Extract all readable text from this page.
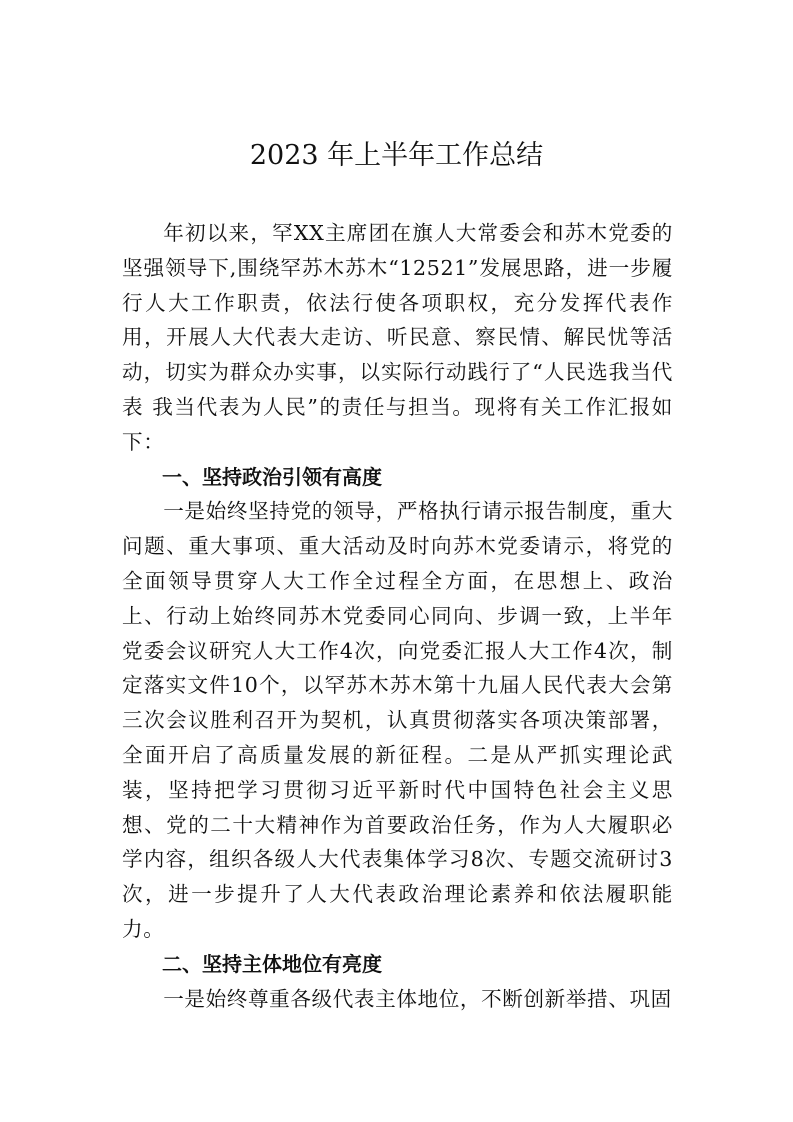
2023 年上半年工作总结

年初以来，罕XX主席团在旗人大常委会和苏木党委的坚强领导下,围绕罕苏木苏木“12521”发展思路，进一步履行人大工作职责，依法行使各项职权，充分发挥代表作用，开展人大代表大走访、听民意、察民情、解民忧等活动，切实为群众办实事，以实际行动践行了“人民选我当代表 我当代表为人民”的责任与担当。现将有关工作汇报如下：

一、坚持政治引领有高度

一是始终坚持党的领导，严格执行请示报告制度，重大问题、重大事项、重大活动及时向苏木党委请示，将党的全面领导贯穿人大工作全过程全方面，在思想上、政治上、行动上始终同苏木党委同心同向、步调一致，上半年党委会议研究人大工作4次，向党委汇报人大工作4次，制定落实文件10个，以罕苏木苏木第十九届人民代表大会第三次会议胜利召开为契机，认真贯彻落实各项决策部署，全面开启了高质量发展的新征程。二是从严抓实理论武装，坚持把学习贯彻习近平新时代中国特色社会主义思想、党的二十大精神作为首要政治任务，作为人大履职必学内容，组织各级人大代表集体学习8次、专题交流研讨3次，进一步提升了人大代表政治理论素养和依法履职能力。

二、坚持主体地位有亮度

一是始终尊重各级代表主体地位，不断创新举措、巩固
